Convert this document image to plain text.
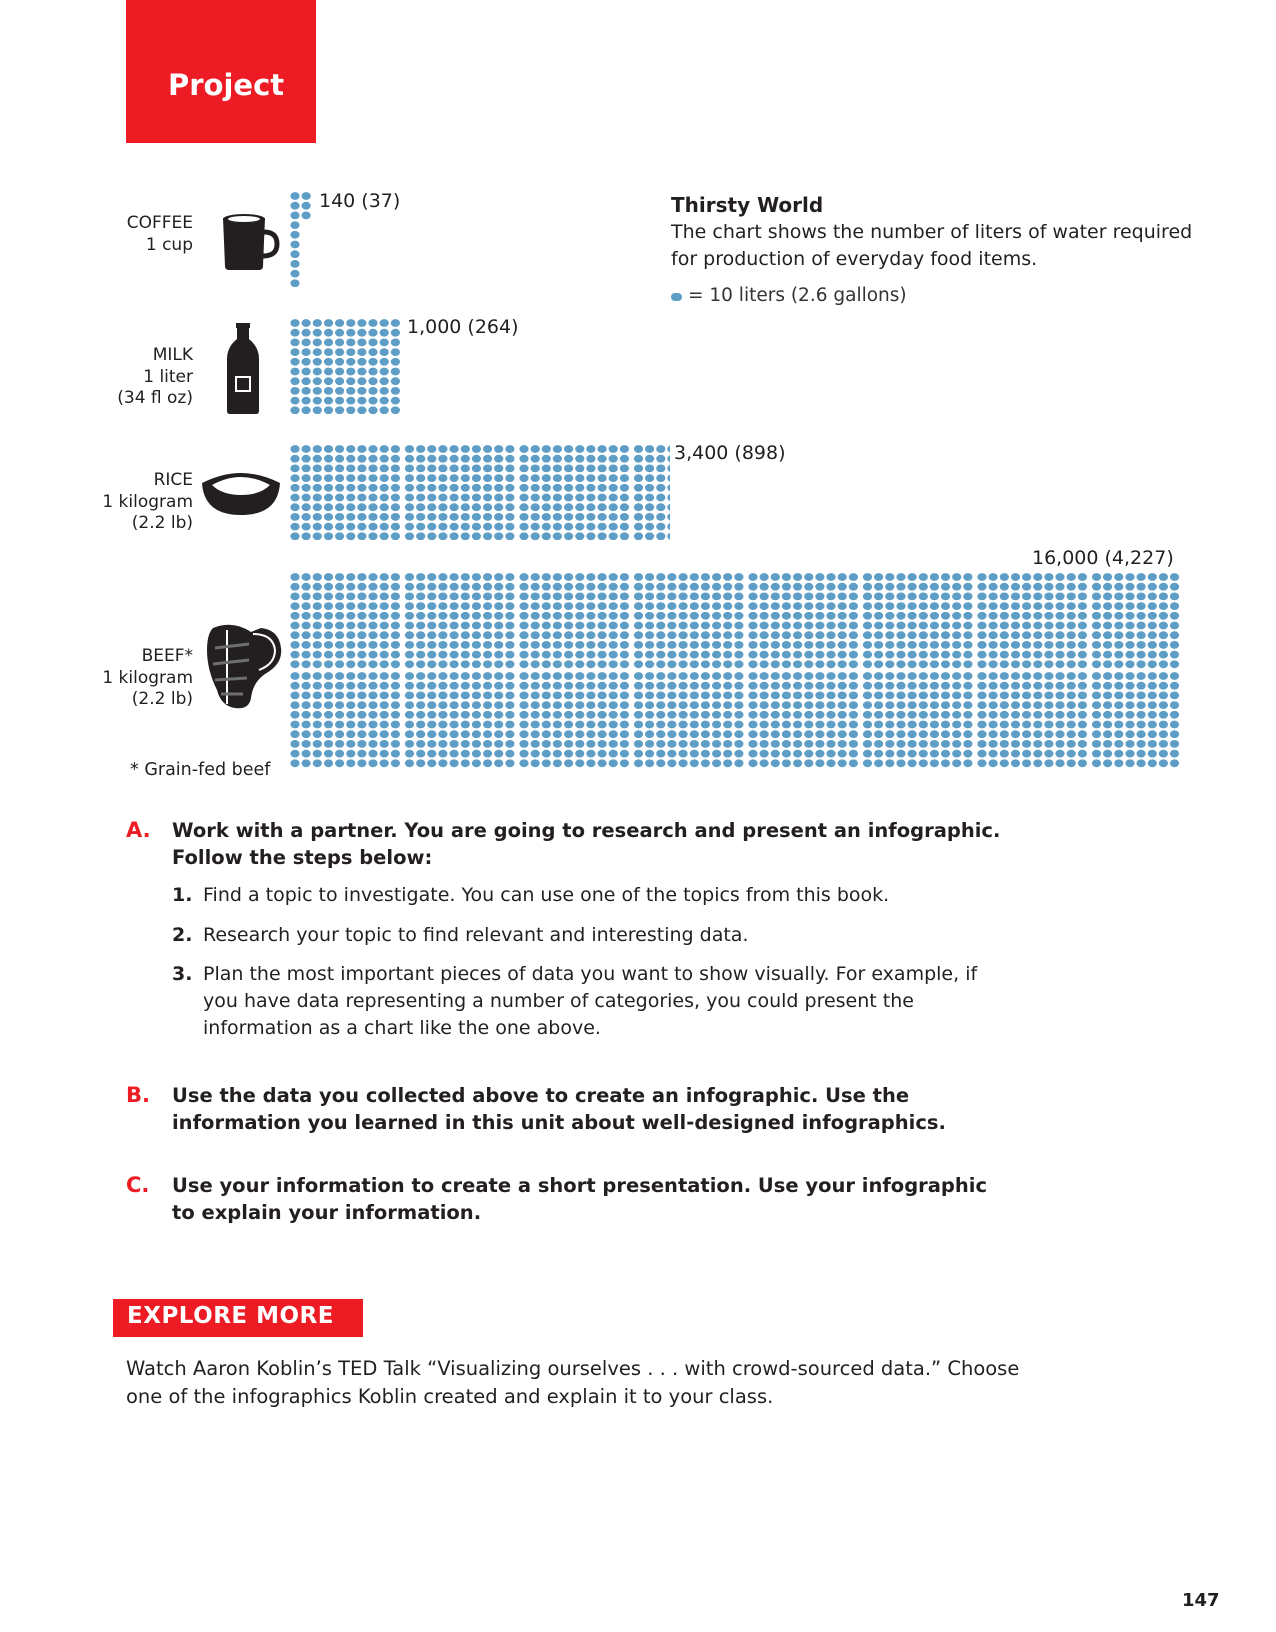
Project
COFFEE
1 cup
MILK
1 liter
(34 fl oz)
RICE
1 kilogram
(2.2 lb)
BEEF*
1 kilogram
(2.2 lb)
140 (37)
1,000 (264)
3,400 (898)
16,000 (4,227)
* Grain-fed beef
Thirsty World
The chart shows the number of liters of water required for production of everyday food items.
= 10 liters (2.6 gallons)
A. Work with a partner. You are going to research and present an infographic. Follow the steps below:
1. Find a topic to investigate. You can use one of the topics from this book.
2. Research your topic to find relevant and interesting data.
3. Plan the most important pieces of data you want to show visually. For example, if you have data representing a number of categories, you could present the information as a chart like the one above.
B. Use the data you collected above to create an infographic. Use the information you learned in this unit about well-designed infographics.
C. Use your information to create a short presentation. Use your infographic to explain your information.
EXPLORE MORE
Watch Aaron Koblin’s TED Talk “Visualizing ourselves . . . with crowd-sourced data.” Choose one of the infographics Koblin created and explain it to your class.
147
